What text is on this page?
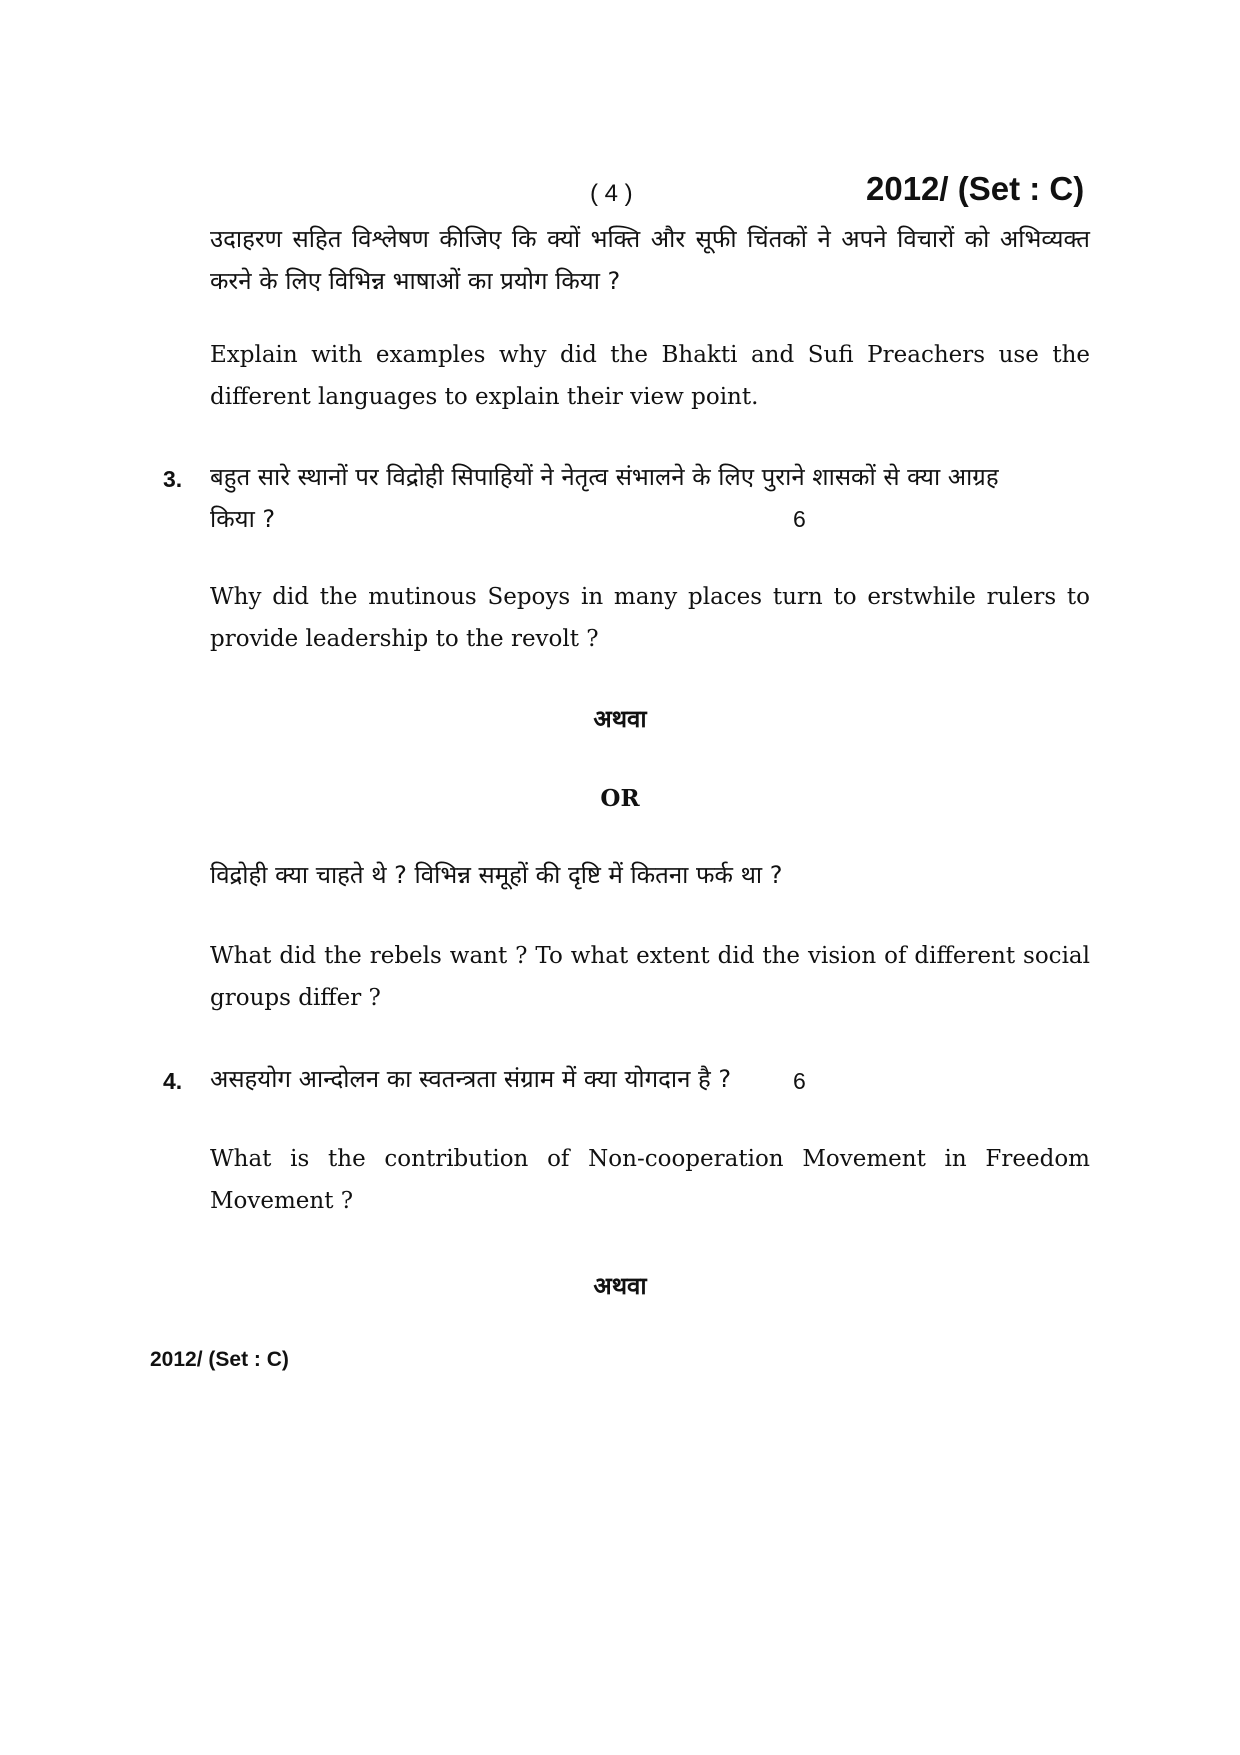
( 4 )	2012/ (Set : C)
उदाहरण सहित विश्लेषण कीजिए कि क्यों भक्ति और सूफी चिंतकों ने अपने विचारों को अभिव्यक्त करने के लिए विभिन्न भाषाओं का प्रयोग किया ?
Explain with examples why did the Bhakti and Sufi Preachers use the different languages to explain their view point.
3. बहुत सारे स्थानों पर विद्रोही सिपाहियों ने नेतृत्व संभालने के लिए पुराने शासकों से क्या आग्रह
किया ?	6
Why did the mutinous Sepoys in many places turn to erstwhile rulers to provide leadership to the revolt ?
अथवा
OR
विद्रोही क्या चाहते थे ? विभिन्न समूहों की दृष्टि में कितना फर्क था ?
What did the rebels want ? To what extent did the vision of different social groups differ ?
4. असहयोग आन्दोलन का स्वतन्त्रता संग्राम में क्या योगदान है ?	6
What is the contribution of Non-cooperation Movement in Freedom Movement ?
अथवा
2012/ (Set : C)
